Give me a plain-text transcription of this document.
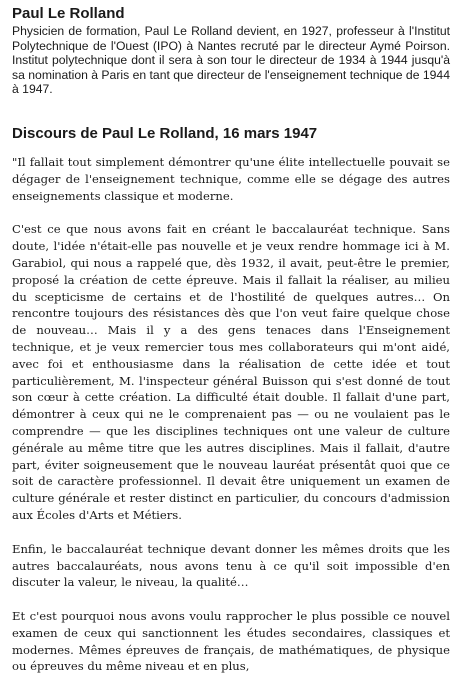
Paul Le Rolland

Physicien de formation, Paul Le Rolland devient, en 1927, professeur à l'Institut Polytechnique de l'Ouest (IPO) à Nantes recruté par le directeur Aymé Poirson. Institut polytechnique dont il sera à son tour le directeur de 1934 à 1944 jusqu'à sa nomination à Paris en tant que directeur de l'enseignement technique de 1944 à 1947.

Discours de Paul Le Rolland, 16 mars 1947

"Il fallait tout simplement démontrer qu'une élite intellectuelle pouvait se dégager de l'enseignement technique, comme elle se dégage des autres enseignements classique et moderne.

C'est ce que nous avons fait en créant le baccalauréat technique. Sans doute, l'idée n'était-elle pas nouvelle et je veux rendre hommage ici à M. Garabiol, qui nous a rappelé que, dès 1932, il avait, peut-être le premier, proposé la création de cette épreuve. Mais il fallait la réaliser, au milieu du scepticisme de certains et de l'hostilité de quelques autres… On rencontre toujours des résistances dès que l'on veut faire quelque chose de nouveau… Mais il y a des gens tenaces dans l'Enseignement technique, et je veux remercier tous mes collaborateurs qui m'ont aidé, avec foi et enthousiasme dans la réalisation de cette idée et tout particulièrement, M. l'inspecteur général Buisson qui s'est donné de tout son cœur à cette création. La difficulté était double. Il fallait d'une part, démontrer à ceux qui ne le comprenaient pas — ou ne voulaient pas le comprendre — que les disciplines techniques ont une valeur de culture générale au même titre que les autres disciplines. Mais il fallait, d'autre part, éviter soigneusement que le nouveau lauréat présentât quoi que ce soit de caractère professionnel. Il devait être uniquement un examen de culture générale et rester distinct en particulier, du concours d'admission aux Écoles d'Arts et Métiers.

Enfin, le baccalauréat technique devant donner les mêmes droits que les autres baccalauréats, nous avons tenu à ce qu'il soit impossible d'en discuter la valeur, le niveau, la qualité…

Et c'est pourquoi nous avons voulu rapprocher le plus possible ce nouvel examen de ceux qui sanctionnent les études secondaires, classiques et modernes. Mêmes épreuves de français, de mathématiques, de physique ou épreuves du même niveau et en plus,
